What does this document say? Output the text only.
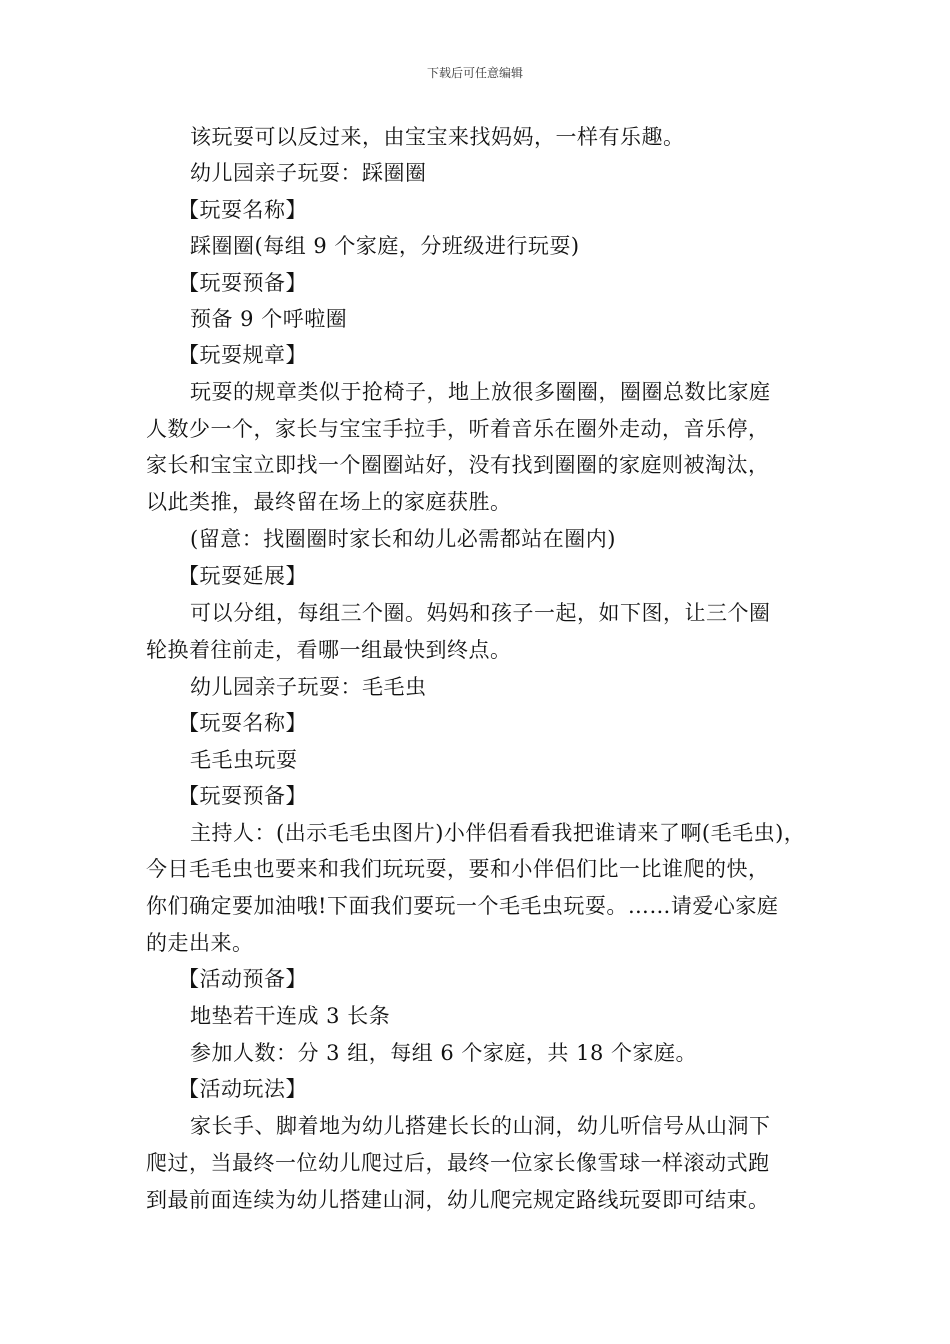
下载后可任意编辑
该玩耍可以反过来，由宝宝来找妈妈，一样有乐趣。
幼儿园亲子玩耍：踩圈圈
【玩耍名称】
踩圈圈(每组 9 个家庭，分班级进行玩耍)
【玩耍预备】
预备 9 个呼啦圈
【玩耍规章】
玩耍的规章类似于抢椅子，地上放很多圈圈，圈圈总数比家庭
人数少一个，家长与宝宝手拉手，听着音乐在圈外走动，音乐停，
家长和宝宝立即找一个圈圈站好，没有找到圈圈的家庭则被淘汰，
以此类推，最终留在场上的家庭获胜。
(留意：找圈圈时家长和幼儿必需都站在圈内)
【玩耍延展】
可以分组，每组三个圈。妈妈和孩子一起，如下图，让三个圈
轮换着往前走，看哪一组最快到终点。
幼儿园亲子玩耍：毛毛虫
【玩耍名称】
毛毛虫玩耍
【玩耍预备】
主持人：(出示毛毛虫图片)小伴侣看看我把谁请来了啊(毛毛虫)，
今日毛毛虫也要来和我们玩玩耍，要和小伴侣们比一比谁爬的快，
你们确定要加油哦!下面我们要玩一个毛毛虫玩耍。……请爱心家庭
的走出来。
【活动预备】
地垫若干连成 3 长条
参加人数：分 3 组，每组 6 个家庭，共 18 个家庭。
【活动玩法】
家长手、脚着地为幼儿搭建长长的山洞，幼儿听信号从山洞下
爬过，当最终一位幼儿爬过后，最终一位家长像雪球一样滚动式跑
到最前面连续为幼儿搭建山洞，幼儿爬完规定路线玩耍即可结束。
